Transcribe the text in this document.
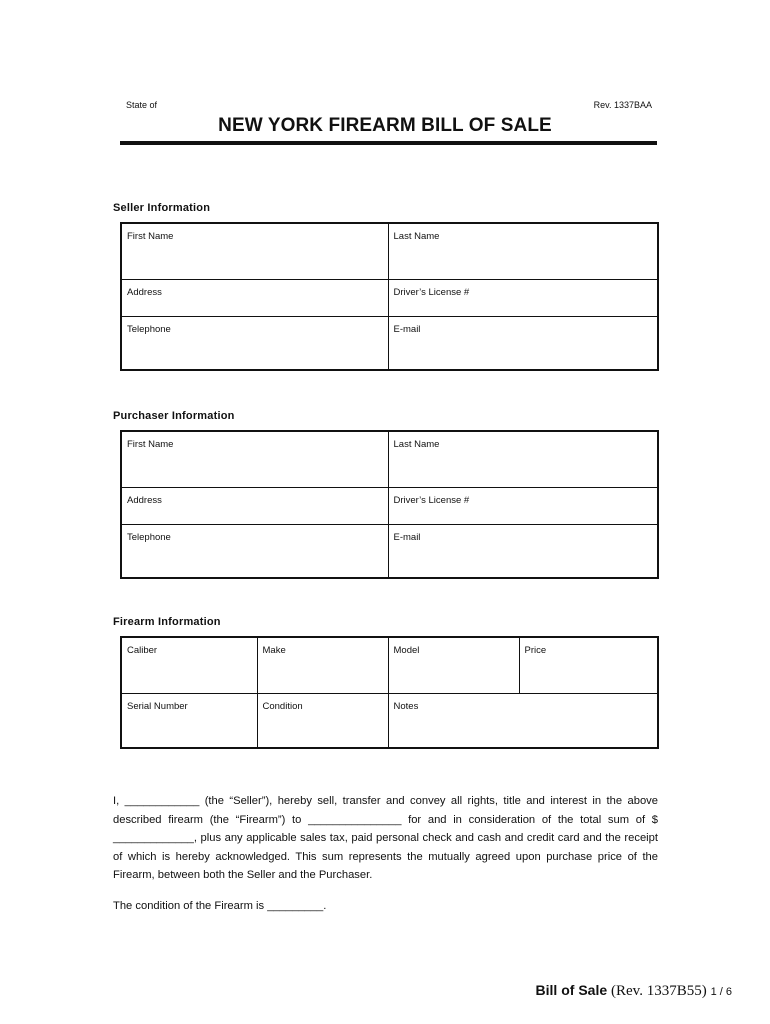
State of	Rev. 1337BAA
NEW YORK FIREARM BILL OF SALE
Seller Information
First Name	Last Name
Address	Driver’s License #
Telephone	E-mail
Purchaser Information
First Name	Last Name
Address	Driver’s License #
Telephone	E-mail
Firearm Information
Caliber	Make	Model	Price
Serial Number	Condition	Notes	
I, ____________ (the “Seller”), hereby sell, transfer and convey all rights, title and interest in the above described firearm (the “Firearm”) to _______________ for and in consideration of the total sum of $ _____________, plus any applicable sales tax, paid personal check and cash and credit card and the receipt of which is hereby acknowledged. This sum represents the mutually agreed upon purchase price of the Firearm, between both the Seller and the Purchaser.
The condition of the Firearm is _________.
Bill of Sale (Rev. 1337B55) 1 / 6
